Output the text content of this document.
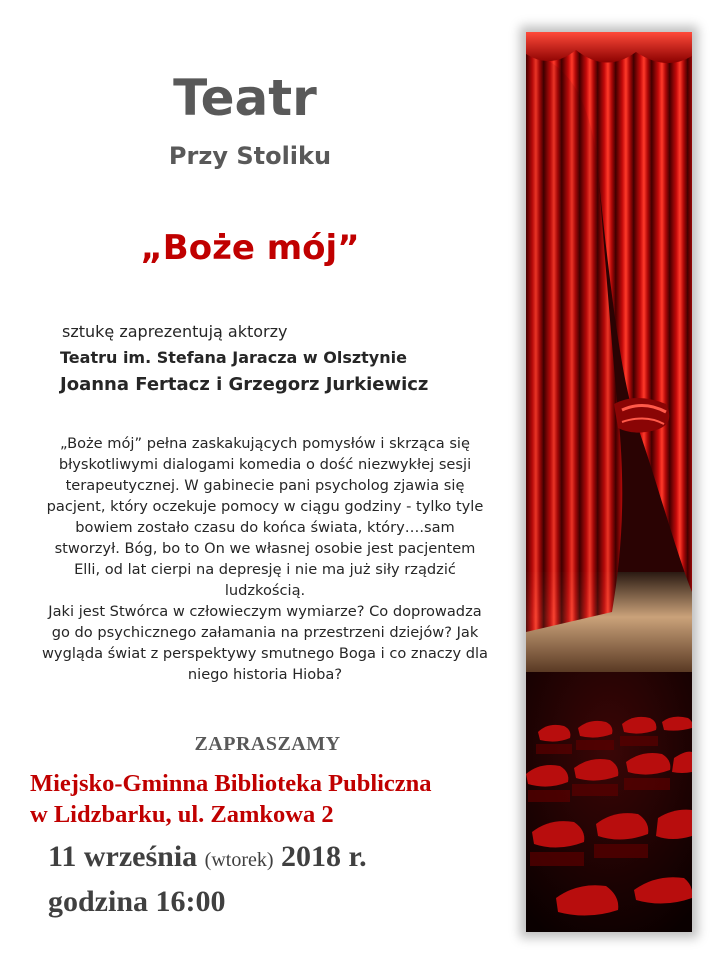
Teatr
Przy Stoliku
„Boże mój”
sztukę zaprezentują aktorzy
Teatru im. Stefana Jaracza w Olsztynie
Joanna Fertacz i Grzegorz Jurkiewicz
„Boże mój” pełna zaskakujących pomysłów i skrząca się
błyskotliwymi dialogami komedia o dość niezwykłej sesji
terapeutycznej. W gabinecie pani psycholog zjawia się
pacjent, który oczekuje pomocy w ciągu godziny - tylko tyle
bowiem zostało czasu do końca świata, który….sam
stworzył. Bóg, bo to On we własnej osobie jest pacjentem
Elli, od lat cierpi na depresję i nie ma już siły rządzić
ludzkością.
Jaki jest Stwórca w człowieczym wymiarze? Co doprowadza
go do psychicznego załamania na przestrzeni dziejów? Jak
wygląda świat z perspektywy smutnego Boga i co znaczy dla
niego historia Hioba?
ZAPRASZAMY
Miejsko-Gminna Biblioteka Publiczna
w Lidzbarku, ul. Zamkowa 2
11 września (wtorek) 2018 r.
godzina 16:00
